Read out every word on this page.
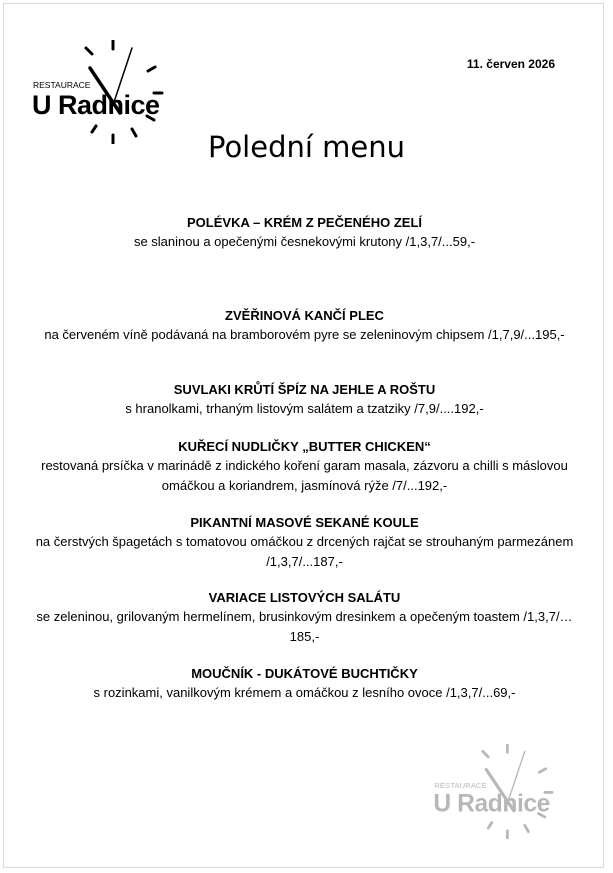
RESTAURACE
U Radnice
11. červen 2026
Polední menu
POLÉVKA – KRÉM Z PEČENÉHO ZELÍ
se slaninou a opečenými česnekovými krutony /1,3,7/...59,-
ZVĚŘINOVÁ KANČÍ PLEC
na červeném víně podávaná na bramborovém pyre se zeleninovým chipsem /1,7,9/...195,-
SUVLAKI KRŮTÍ ŠPÍZ NA JEHLE A ROŠTU
s hranolkami, trhaným listovým salátem a tzatziky /7,9/....192,-
KUŘECÍ NUDLIČKY „BUTTER CHICKEN“
restovaná prsíčka v marinádě z indického koření garam masala, zázvoru a chilli s máslovou omáčkou a koriandrem, jasmínová rýže /7/...192,-
PIKANTNÍ MASOVÉ SEKANÉ KOULE
na čerstvých špagetách s tomatovou omáčkou z drcených rajčat se strouhaným parmezánem /1,3,7/...187,-
VARIACE LISTOVÝCH SALÁTU
se zeleninou, grilovaným hermelínem, brusinkovým dresinkem a opečeným toastem /1,3,7/…185,-
MOUČNÍK - DUKÁTOVÉ BUCHTIČKY
s rozinkami, vanilkovým krémem a omáčkou z lesního ovoce /1,3,7/...69,-
RESTAURACE
U Radnice
